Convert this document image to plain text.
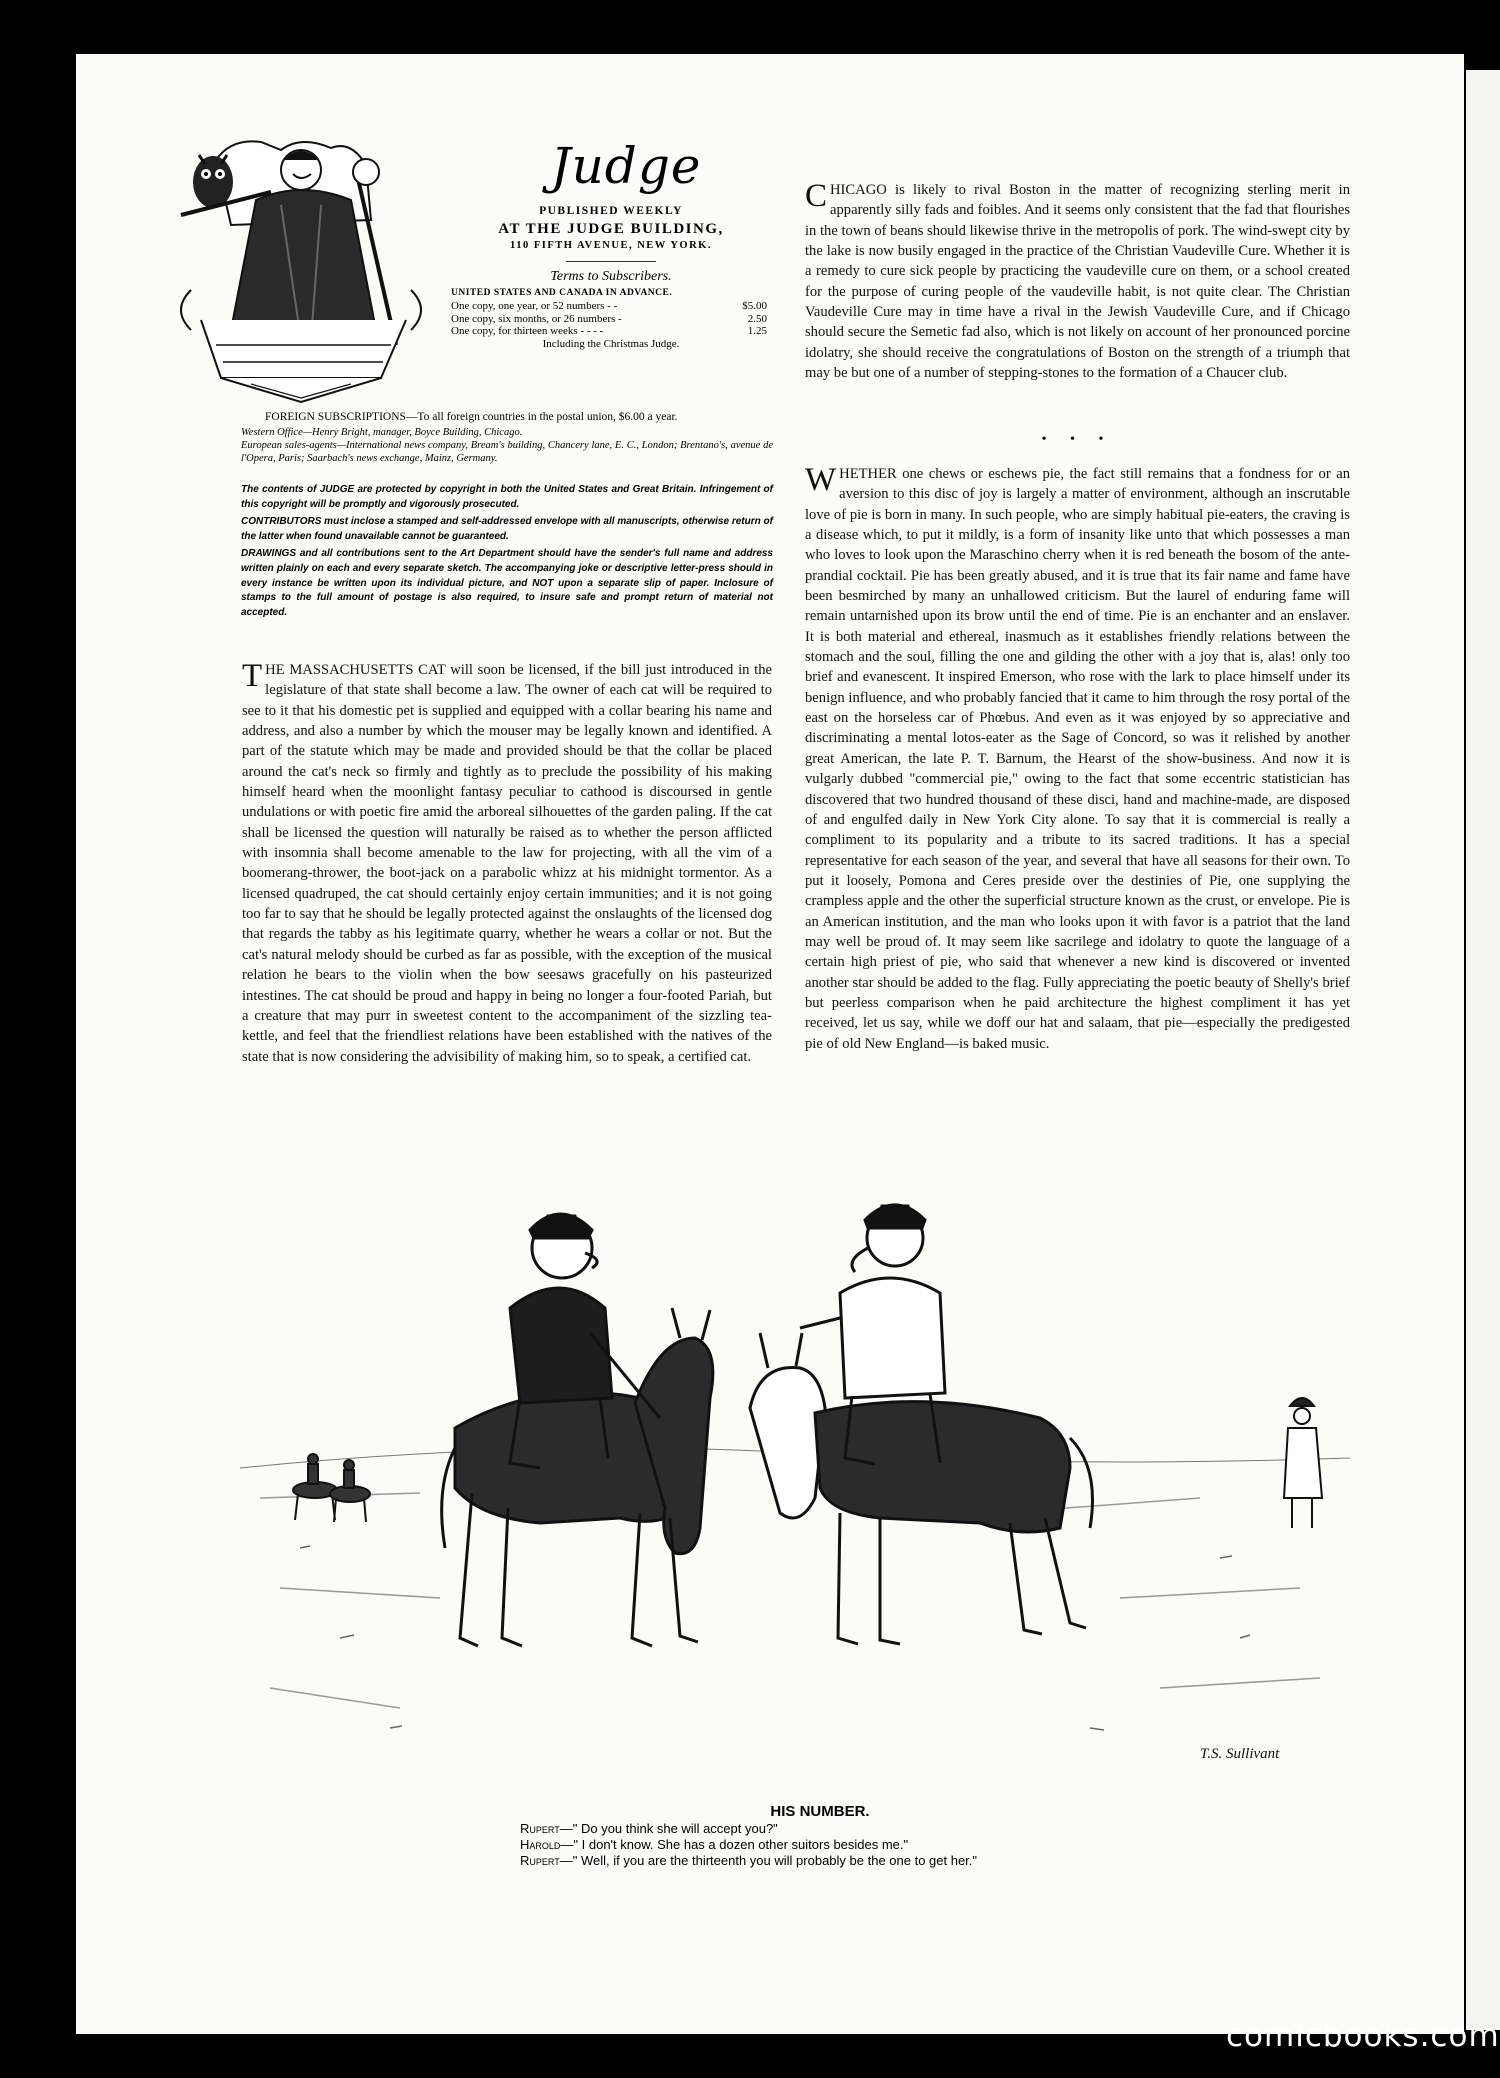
Judge
PUBLISHED WEEKLY
AT THE JUDGE BUILDING,
110 FIFTH AVENUE, NEW YORK.
Terms to Subscribers.
UNITED STATES AND CANADA IN ADVANCE.
One copy, one year, or 52 numbers - -	$5.00
One copy, six months, or 26 numbers -	2.50
One copy, for thirteen weeks - - - -	1.25
Including the Christmas Judge.
FOREIGN SUBSCRIPTIONS—To all foreign countries in the postal union, $6.00 a year.
Western Office—Henry Bright, manager, Boyce Building, Chicago.
European sales-agents—International news company, Bream's building, Chancery lane, E. C., London; Brentano's, avenue de l'Opera, Paris; Saarbach's news exchange, Mainz, Germany.

The contents of JUDGE are protected by copyright in both the United States and Great Britain. Infringement of this copyright will be promptly and vigorously prosecuted.

CONTRIBUTORS must inclose a stamped and self-addressed envelope with all manuscripts, otherwise return of the latter when found unavailable cannot be guaranteed.

DRAWINGS and all contributions sent to the Art Department should have the sender's full name and address written plainly on each and every separate sketch. The accompanying joke or descriptive letter-press should in every instance be written upon its individual picture, and NOT upon a separate slip of paper. Inclosure of stamps to the full amount of postage is also required, to insure safe and prompt return of material not accepted.

THE MASSACHUSETTS CAT will soon be licensed, if the bill just introduced in the legislature of that state shall become a law. The owner of each cat will be required to see to it that his domestic pet is supplied and equipped with a collar bearing his name and address, and also a number by which the mouser may be legally known and identified. A part of the statute which may be made and provided should be that the collar be placed around the cat's neck so firmly and tightly as to preclude the possibility of his making himself heard when the moonlight fantasy peculiar to cathood is discoursed in gentle undulations or with poetic fire amid the arboreal silhouettes of the garden paling. If the cat shall be licensed the question will naturally be raised as to whether the person afflicted with insomnia shall become amenable to the law for projecting, with all the vim of a boomerang-thrower, the boot-jack on a parabolic whizz at his midnight tormentor. As a licensed quadruped, the cat should certainly enjoy certain immunities; and it is not going too far to say that he should be legally protected against the onslaughts of the licensed dog that regards the tabby as his legitimate quarry, whether he wears a collar or not. But the cat's natural melody should be curbed as far as possible, with the exception of the musical relation he bears to the violin when the bow seesaws gracefully on his pasteurized intestines. The cat should be proud and happy in being no longer a four-footed Pariah, but a creature that may purr in sweetest content to the accompaniment of the sizzling tea-kettle, and feel that the friendliest relations have been established with the natives of the state that is now considering the advisibility of making him, so to speak, a certified cat.
CHICAGO is likely to rival Boston in the matter of recognizing sterling merit in apparently silly fads and foibles. And it seems only consistent that the fad that flourishes in the town of beans should likewise thrive in the metropolis of pork. The wind-swept city by the lake is now busily engaged in the practice of the Christian Vaudeville Cure. Whether it is a remedy to cure sick people by practicing the vaudeville cure on them, or a school created for the purpose of curing people of the vaudeville habit, is not quite clear. The Christian Vaudeville Cure may in time have a rival in the Jewish Vaudeville Cure, and if Chicago should secure the Semetic fad also, which is not likely on account of her pronounced porcine idolatry, she should receive the congratulations of Boston on the strength of a triumph that may be but one of a number of stepping-stones to the formation of a Chaucer club.
• • •
WHETHER one chews or eschews pie, the fact still remains that a fondness for or an aversion to this disc of joy is largely a matter of environment, although an inscrutable love of pie is born in many. In such people, who are simply habitual pie-eaters, the craving is a disease which, to put it mildly, is a form of insanity like unto that which possesses a man who loves to look upon the Maraschino cherry when it is red beneath the bosom of the ante-prandial cocktail. Pie has been greatly abused, and it is true that its fair name and fame have been besmirched by many an unhallowed criticism. But the laurel of enduring fame will remain untarnished upon its brow until the end of time. Pie is an enchanter and an enslaver. It is both material and ethereal, inasmuch as it establishes friendly relations between the stomach and the soul, filling the one and gilding the other with a joy that is, alas! only too brief and evanescent. It inspired Emerson, who rose with the lark to place himself under its benign influence, and who probably fancied that it came to him through the rosy portal of the east on the horseless car of Phœbus. And even as it was enjoyed by so appreciative and discriminating a mental lotos-eater as the Sage of Concord, so was it relished by another great American, the late P. T. Barnum, the Hearst of the show-business. And now it is vulgarly dubbed "commercial pie," owing to the fact that some eccentric statistician has discovered that two hundred thousand of these disci, hand and machine-made, are disposed of and engulfed daily in New York City alone. To say that it is commercial is really a compliment to its popularity and a tribute to its sacred traditions. It has a special representative for each season of the year, and several that have all seasons for their own. To put it loosely, Pomona and Ceres preside over the destinies of Pie, one supplying the crampless apple and the other the superficial structure known as the crust, or envelope. Pie is an American institution, and the man who looks upon it with favor is a patriot that the land may well be proud of. It may seem like sacrilege and idolatry to quote the language of a certain high priest of pie, who said that whenever a new kind is discovered or invented another star should be added to the flag. Fully appreciating the poetic beauty of Shelly's brief but peerless comparison when he paid architecture the highest compliment it has yet received, let us say, while we doff our hat and salaam, that pie—especially the predigested pie of old New England—is baked music.
T.S. Sullivant
HIS NUMBER.
Rupert—" Do you think she will accept you?"
Harold—" I don't know. She has a dozen other suitors besides me."
Rupert—" Well, if you are the thirteenth you will probably be the one to get her."
comicbooks.com
